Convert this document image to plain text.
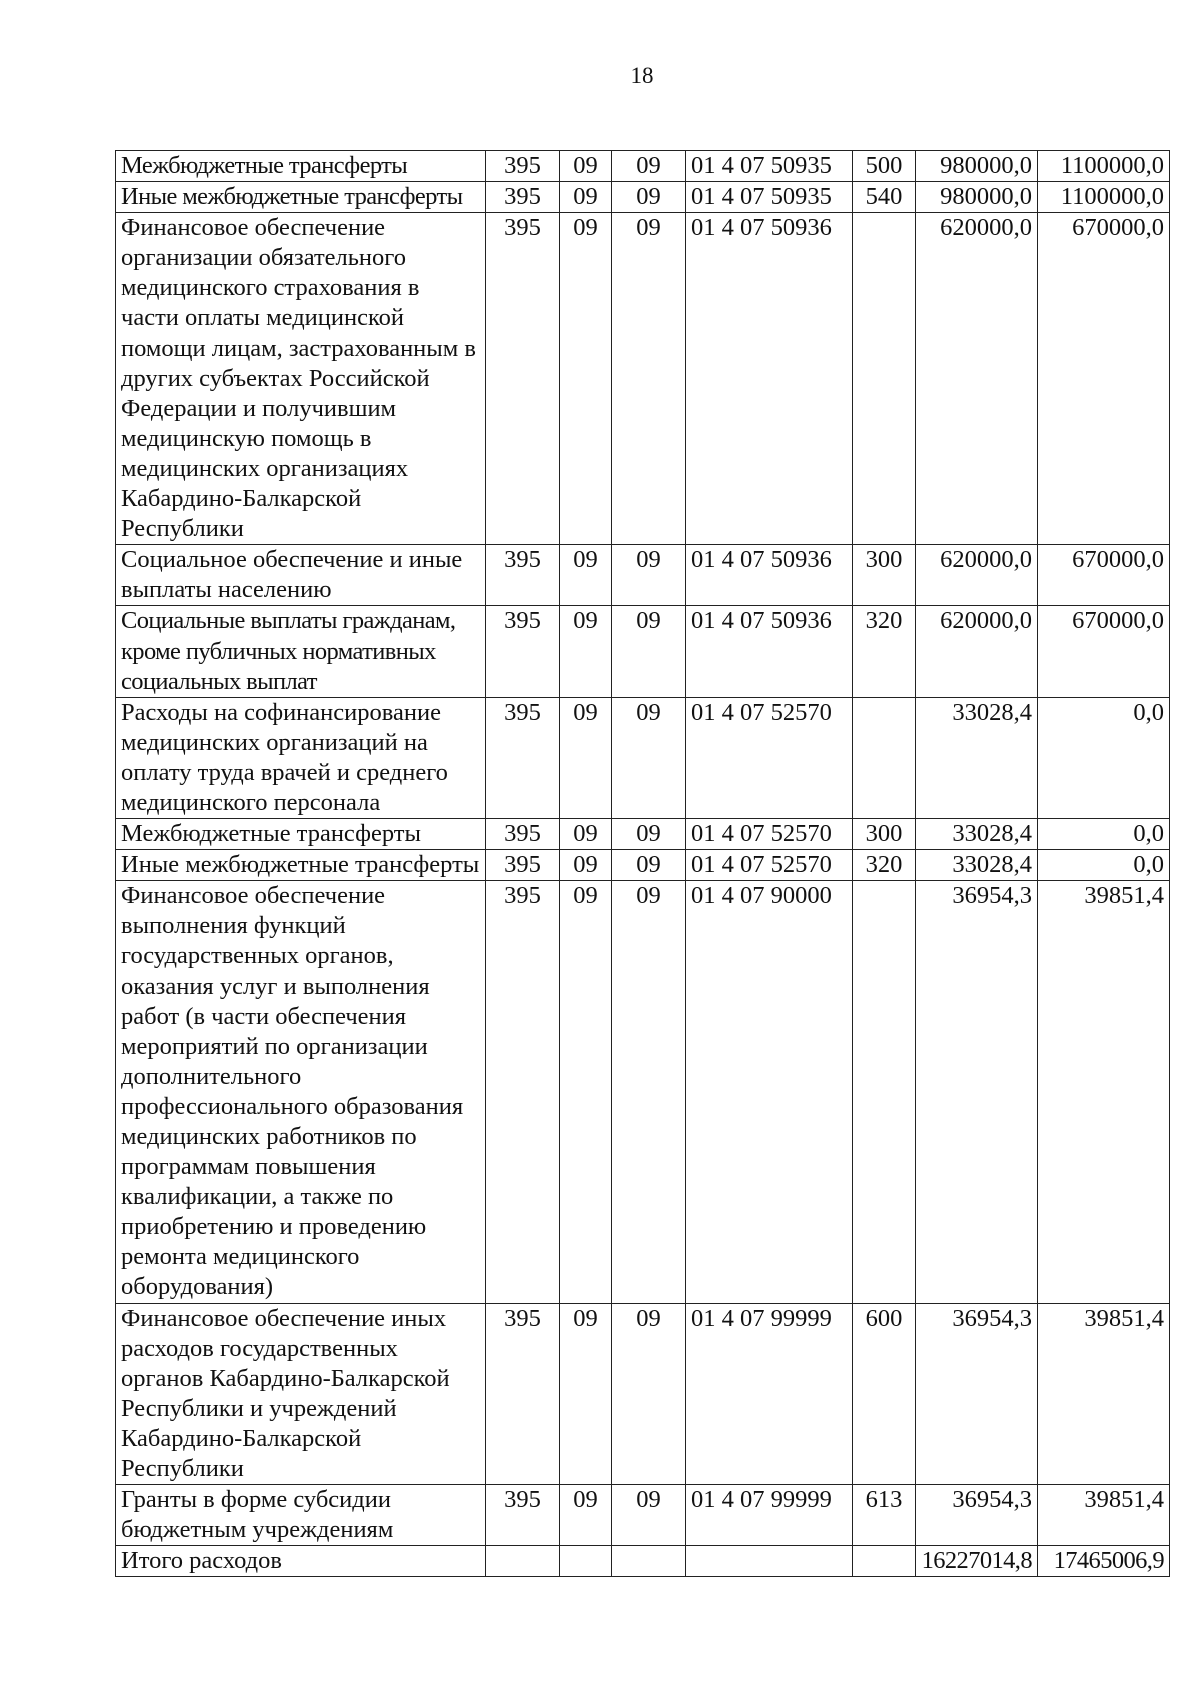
18
Межбюджетные трансферты	395	09	09	01 4 07 50935	500	980000,0	1100000,0
Иные межбюджетные трансферты	395	09	09	01 4 07 50935	540	980000,0	1100000,0
Финансовое обеспечение организации обязательного медицинского страхования в части оплаты медицинской помощи лицам, застрахованным в других субъектах Российской Федерации и получившим медицинскую помощь в медицинских организациях Кабардино-Балкарской Республики	395	09	09	01 4 07 50936		620000,0	670000,0
Социальное обеспечение и иные выплаты населению	395	09	09	01 4 07 50936	300	620000,0	670000,0
Социальные выплаты гражданам, кроме публичных нормативных социальных выплат	395	09	09	01 4 07 50936	320	620000,0	670000,0
Расходы на софинансирование медицинских организаций на оплату труда врачей и среднего медицинского персонала	395	09	09	01 4 07 52570		33028,4	0,0
Межбюджетные трансферты	395	09	09	01 4 07 52570	300	33028,4	0,0
Иные межбюджетные трансферты	395	09	09	01 4 07 52570	320	33028,4	0,0
Финансовое обеспечение выполнения функций государственных органов, оказания услуг и выполнения работ (в части обеспечения мероприятий по организации дополнительного профессионального образования медицинских работников по программам повышения квалификации, а также по приобретению и проведению ремонта медицинского оборудования)	395	09	09	01 4 07 90000		36954,3	39851,4
Финансовое обеспечение иных расходов государственных органов Кабардино-Балкарской Республики и учреждений Кабардино-Балкарской Республики	395	09	09	01 4 07 99999	600	36954,3	39851,4
Гранты в форме субсидии бюджетным учреждениям	395	09	09	01 4 07 99999	613	36954,3	39851,4
Итого расходов						16227014,8	17465006,9
